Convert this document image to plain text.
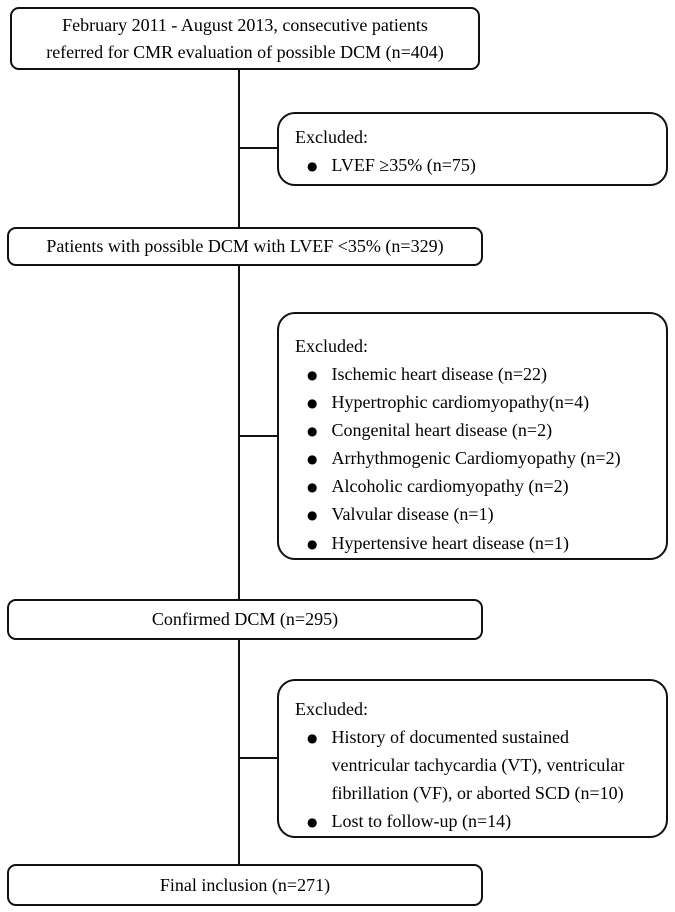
February 2011 - August 2013, consecutive patients
referred for CMR evaluation of possible DCM (n=404)
Excluded:
● LVEF ≥35% (n=75)
Patients with possible DCM with LVEF <35% (n=329)
Excluded:
● Ischemic heart disease (n=22)
● Hypertrophic cardiomyopathy(n=4)
● Congenital heart disease (n=2)
● Arrhythmogenic Cardiomyopathy (n=2)
● Alcoholic cardiomyopathy (n=2)
● Valvular disease (n=1)
● Hypertensive heart disease (n=1)
Confirmed DCM (n=295)
Excluded:
● History of documented sustained ventricular tachycardia (VT), ventricular fibrillation (VF), or aborted SCD (n=10)
● Lost to follow-up (n=14)
Final inclusion (n=271)
